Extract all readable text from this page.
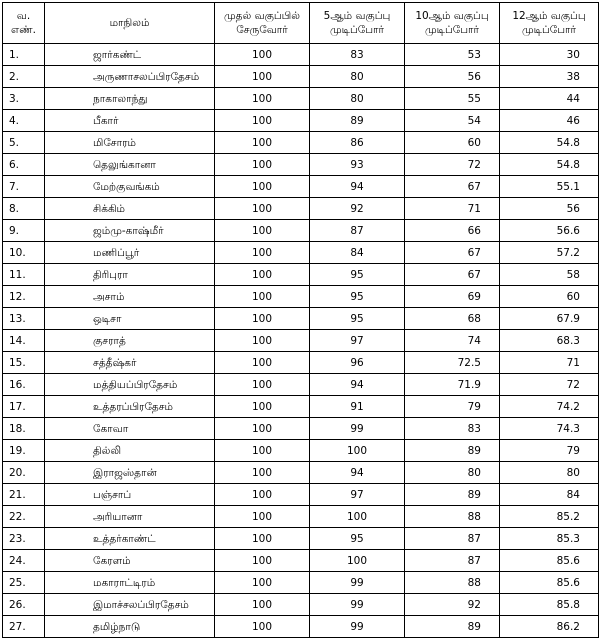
வ. எண்.	மாநிலம்	முதல் வகுப்பில் சேருவோர்	5ஆம் வகுப்பு முடிப்போர்	10ஆம் வகுப்பு முடிப்போர்	12ஆம் வகுப்பு முடிப்போர்
1.	ஜார்கண்ட்	100	83	53	30
2.	அருணாசலப்பிரதேசம்	100	80	56	38
3.	நாகாலாந்து	100	80	55	44
4.	பீகார்	100	89	54	46
5.	மிசோரம்	100	86	60	54.8
6.	தெலுங்கானா	100	93	72	54.8
7.	மேற்குவங்கம்	100	94	67	55.1
8.	சிக்கிம்	100	92	71	56
9.	ஜம்மு-காஷ்மீர்	100	87	66	56.6
10.	மணிப்பூர்	100	84	67	57.2
11.	திரிபுரா	100	95	67	58
12.	அசாம்	100	95	69	60
13.	ஒடிசா	100	95	68	67.9
14.	குசராத்	100	97	74	68.3
15.	சத்தீஷ்கர்	100	96	72.5	71
16.	மத்தியப்பிரதேசம்	100	94	71.9	72
17.	உத்தரப்பிரதேசம்	100	91	79	74.2
18.	கோவா	100	99	83	74.3
19.	தில்லி	100	100	89	79
20.	இராஜஸ்தான்	100	94	80	80
21.	பஞ்சாப்	100	97	89	84
22.	அரியானா	100	100	88	85.2
23.	உத்தர்காண்ட்	100	95	87	85.3
24.	கேரளம்	100	100	87	85.6
25.	மகாராட்டிரம்	100	99	88	85.6
26.	இமாச்சலப்பிரதேசம்	100	99	92	85.8
27.	தமிழ்நாடு	100	99	89	86.2
